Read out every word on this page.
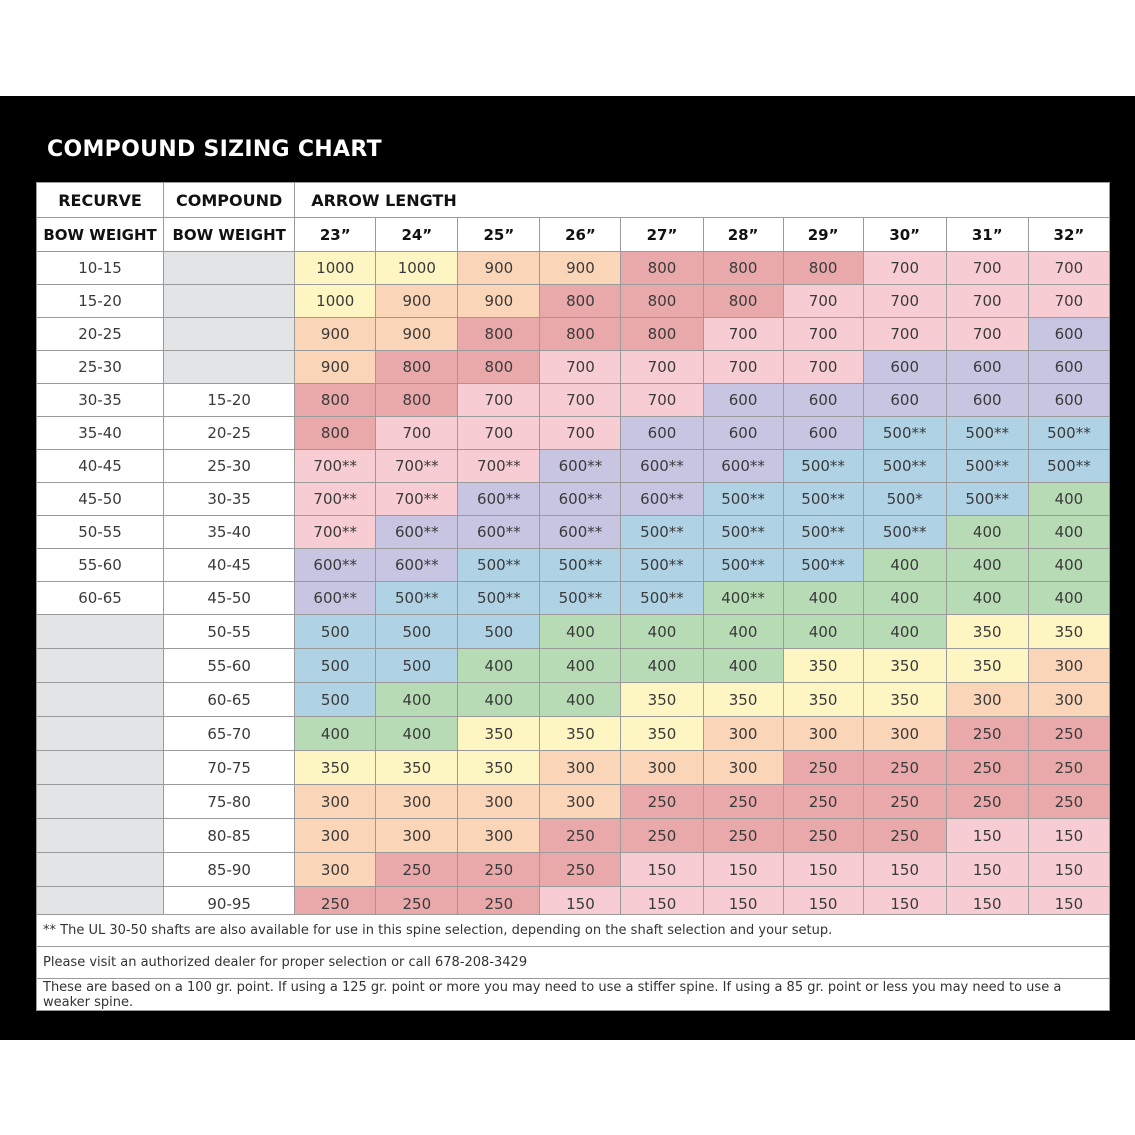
COMPOUND SIZING CHART
RECURVE	COMPOUND	ARROW LENGTH									
BOW WEIGHT	BOW WEIGHT	23”	24”	25”	26”	27”	28”	29”	30”	31”	32”
10-15		1000	1000	900	900	800	800	800	700	700	700
15-20		1000	900	900	800	800	800	700	700	700	700
20-25		900	900	800	800	800	700	700	700	700	600
25-30		900	800	800	700	700	700	700	600	600	600
30-35	15-20	800	800	700	700	700	600	600	600	600	600
35-40	20-25	800	700	700	700	600	600	600	500**	500**	500**
40-45	25-30	700**	700**	700**	600**	600**	600**	500**	500**	500**	500**
45-50	30-35	700**	700**	600**	600**	600**	500**	500**	500*	500**	400
50-55	35-40	700**	600**	600**	600**	500**	500**	500**	500**	400	400
55-60	40-45	600**	600**	500**	500**	500**	500**	500**	400	400	400
60-65	45-50	600**	500**	500**	500**	500**	400**	400	400	400	400
	50-55	500	500	500	400	400	400	400	400	350	350
	55-60	500	500	400	400	400	400	350	350	350	300
	60-65	500	400	400	400	350	350	350	350	300	300
	65-70	400	400	350	350	350	300	300	300	250	250
	70-75	350	350	350	300	300	300	250	250	250	250
	75-80	300	300	300	300	250	250	250	250	250	250
	80-85	300	300	300	250	250	250	250	250	150	150
	85-90	300	250	250	250	150	150	150	150	150	150
	90-95	250	250	250	150	150	150	150	150	150	150
** The UL 30-50 shafts are also available for use in this spine selection, depending on the shaft selection and your setup.
Please visit an authorized dealer for proper selection or call 678-208-3429
These are based on a 100 gr. point. If using a 125 gr. point or more you may need to use a stiffer spine. If using a 85 gr. point or less you may need to use a weaker spine.
